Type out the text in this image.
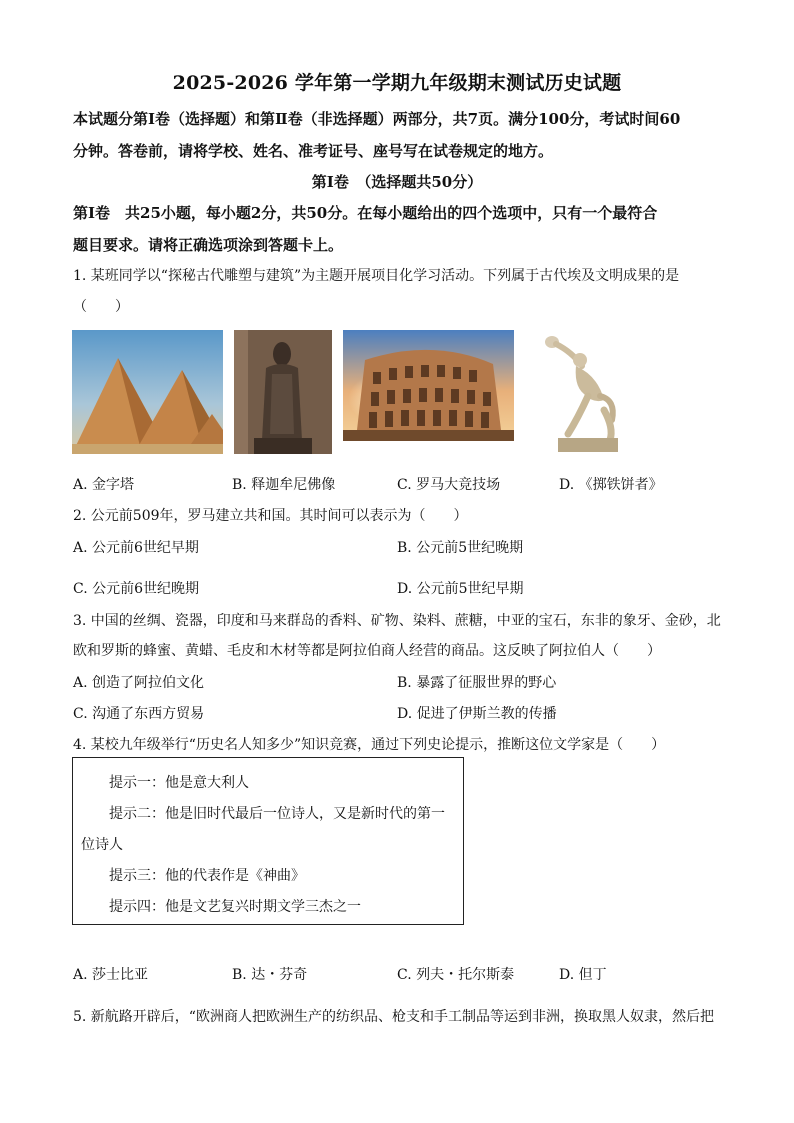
2025-2026 学年第一学期九年级期末测试历史试题
本试题分第Ⅰ卷（选择题）和第Ⅱ卷（非选择题）两部分，共7页。满分100分，考试时间60
分钟。答卷前，请将学校、姓名、准考证号、座号写在试卷规定的地方。
第Ⅰ卷　（选择题共50分）
第Ⅰ卷　共25小题，每小题2分，共50分。在每小题给出的四个选项中，只有一个最符合
题目要求。请将正确选项涂到答题卡上。
1. 某班同学以“探秘古代雕塑与建筑”为主题开展项目化学习活动。下列属于古代埃及文明成果的是
（　　）
A. 金字塔	B. 释迦牟尼佛像	C. 罗马大竞技场	D. 《掷铁饼者》
2. 公元前509年，罗马建立共和国。其时间可以表示为（　　）
A. 公元前6世纪早期	B. 公元前5世纪晚期
C. 公元前6世纪晚期	D. 公元前5世纪早期
3. 中国的丝绸、瓷器，印度和马来群岛的香料、矿物、染料、蔗糖，中亚的宝石，东非的象牙、金砂，北
欧和罗斯的蜂蜜、黄蜡、毛皮和木材等都是阿拉伯商人经营的商品。这反映了阿拉伯人（　　）
A. 创造了阿拉伯文化	B. 暴露了征服世界的野心
C. 沟通了东西方贸易	D. 促进了伊斯兰教的传播
4. 某校九年级举行“历史名人知多少”知识竞赛，通过下列史论提示，推断这位文学家是（　　）
提示一：他是意大利人
提示二：他是旧时代最后一位诗人，又是新时代的第一
位诗人
提示三：他的代表作是《神曲》
提示四：他是文艺复兴时期文学三杰之一
A. 莎士比亚	B. 达・芬奇	C. 列夫・托尔斯泰	D. 但丁
5. 新航路开辟后，“欧洲商人把欧洲生产的纺织品、枪支和手工制品等运到非洲，换取黑人奴隶，然后把
